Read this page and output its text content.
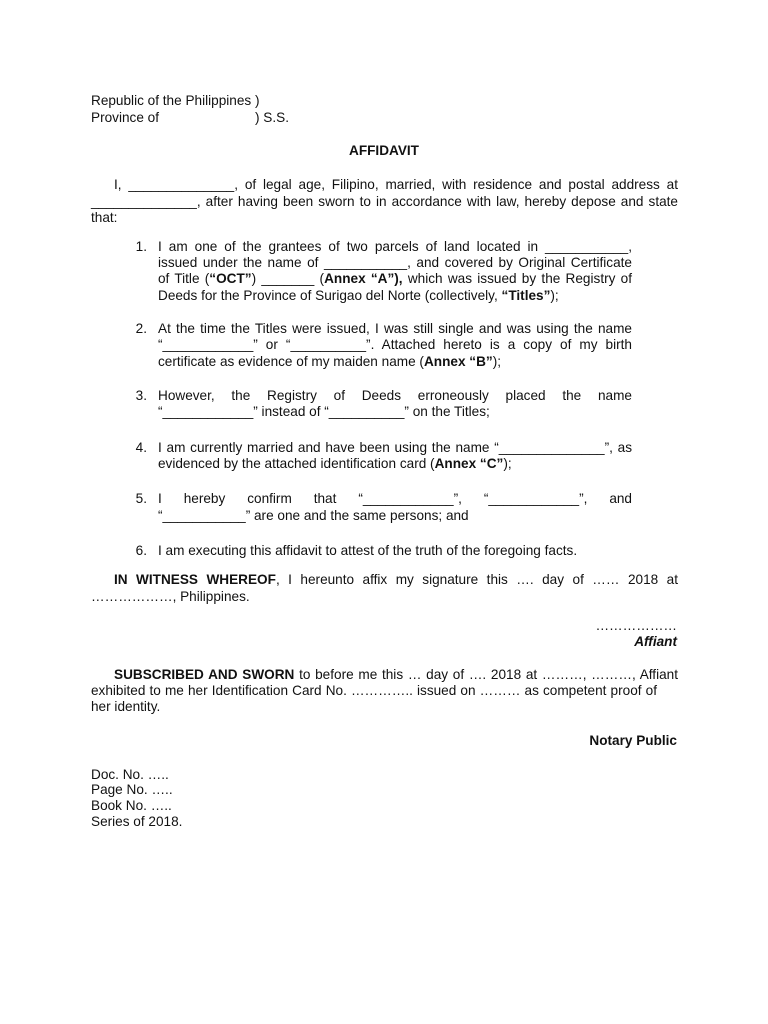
Republic of the Philippines )
Province of	) S.S.
AFFIDAVIT
I, ______________, of legal age, Filipino, married, with residence and postal address at
______________, after having been sworn to in accordance with law, hereby depose and state
that:
1. I am one of the grantees of two parcels of land located in ___________,
issued under the name of ___________, and covered by Original Certificate
of Title (“OCT”) _______ (Annex “A”), which was issued by the Registry of
Deeds for the Province of Surigao del Norte (collectively, “Titles”);
2. At the time the Titles were issued, I was still single and was using the name
“____________” or “__________”. Attached hereto is a copy of my birth
certificate as evidence of my maiden name (Annex “B”);
3. However, the Registry of Deeds erroneously placed the name
“____________” instead of “__________” on the Titles;
4. I am currently married and have been using the name “______________”, as
evidenced by the attached identification card (Annex “C”);
5. I hereby confirm that “____________”, “____________”, and
“___________” are one and the same persons; and
6. I am executing this affidavit to attest of the truth of the foregoing facts.
IN WITNESS WHEREOF, I hereunto affix my signature this …. day of …… 2018 at
………………, Philippines.
………………
Affiant
SUBSCRIBED AND SWORN to before me this … day of …. 2018 at ………, ………, Affiant
exhibited to me her Identification Card No. ………….. issued on ……… as competent proof of
her identity.
Notary Public
Doc. No. …..
Page No. …..
Book No. …..
Series of 2018.
